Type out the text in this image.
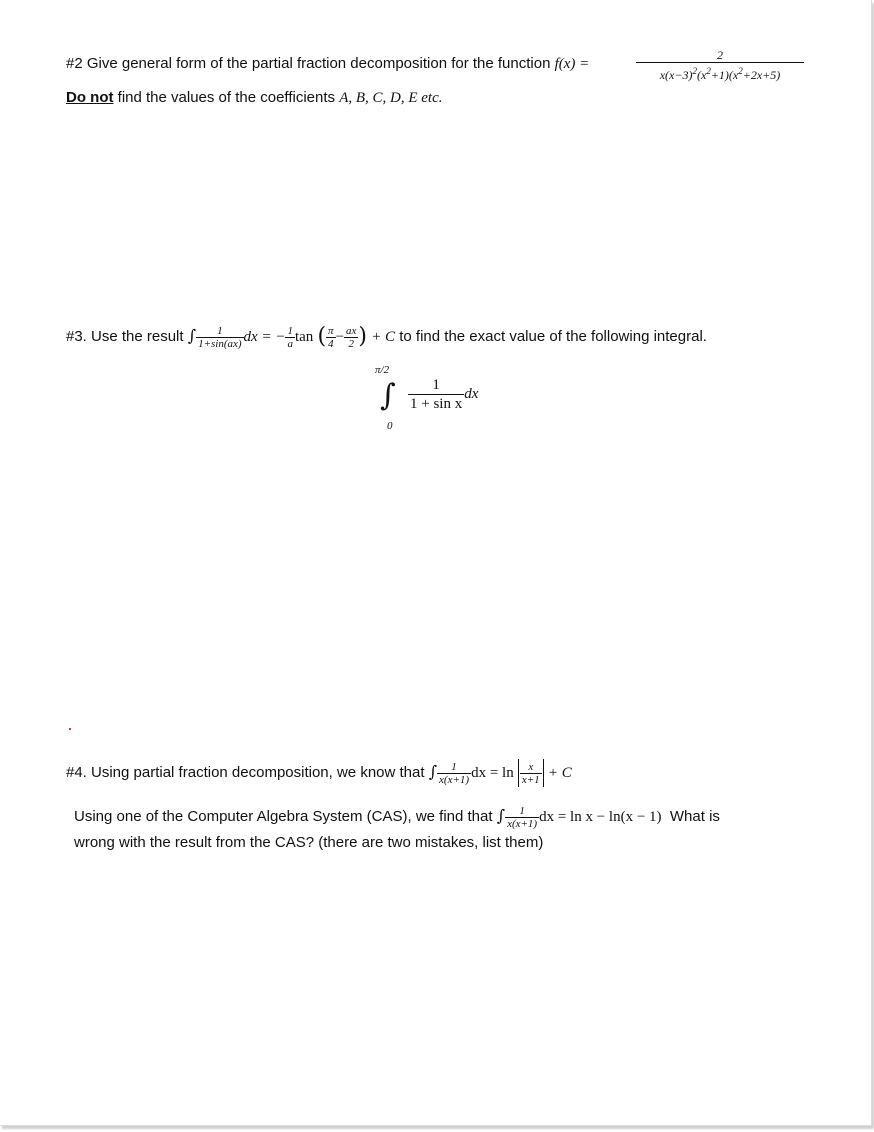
#2 Give general form of the partial fraction decomposition for the function f(x) =	$\frac{2}{x(x-3)^2(x^2+1)(x^2+2x+5)}$
Do not find the values of the coefficients A, B, C, D, E etc.
#3. Use the result ∫ $\frac{1}{1+\sin(ax)}$ dx = − $\frac{1}{a}$ tan ( $\frac{\pi}{4} - \frac{ax}{2}$ ) + C to find the exact value of the following integral.
π/2
∫
0
$\frac{1}{\text{1 + sin x}}$ dx
#4. Using partial fraction decomposition, we know that ∫ $\frac{1}{x(x+1)}$ dx = $\ln \frac{x}{x+1} + C$
Using one of the Computer Algebra System (CAS), we find that ∫ $\frac{1}{x(x+1)}$ dx = ln x − ln(x − 1) What is
wrong with the result from the CAS? (there are two mistakes, list them)
